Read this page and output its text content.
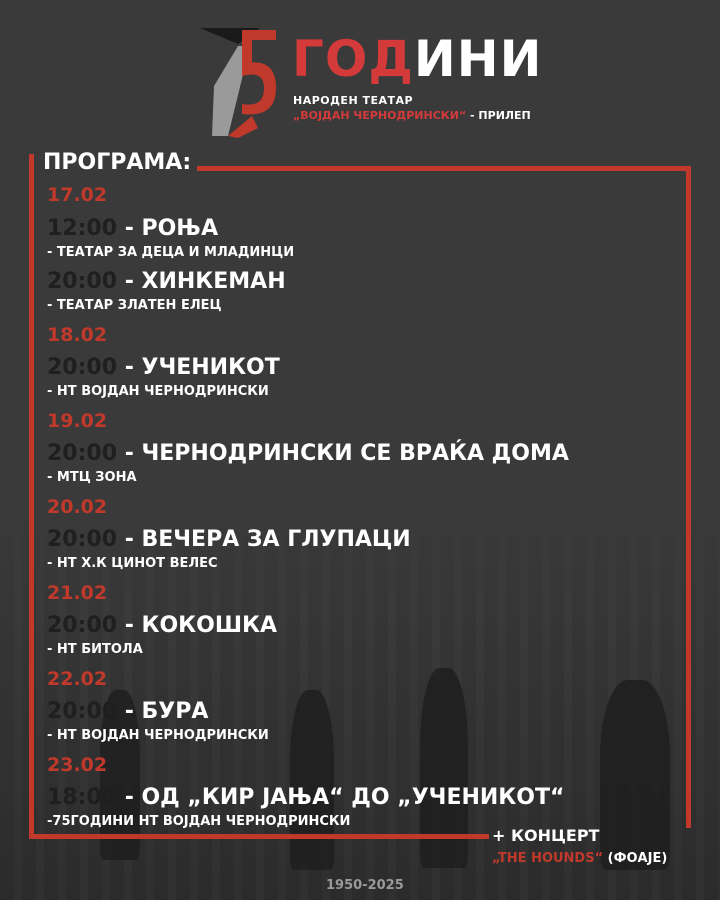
ГОДИНИ
НАРОДЕН ТЕАТАР
„ВОЈДАН ЧЕРНОДРИНСКИ“ - ПРИЛЕП
ПРОГРАМА:
17.02
12:00 - РОЊА
- ТЕАТАР ЗА ДЕЦА И МЛАДИНЦИ
20:00 - ХИНКЕМАН
- ТЕАТАР ЗЛАТЕН ЕЛЕЦ
18.02
20:00 - УЧЕНИКОТ
- НТ ВОЈДАН ЧЕРНОДРИНСКИ
19.02
20:00 - ЧЕРНОДРИНСКИ СЕ ВРАЌА ДОМА
- МТЦ ЗОНА
20.02
20:00 - ВЕЧЕРА ЗА ГЛУПАЦИ
- НТ Х.К ЦИНОТ ВЕЛЕС
21.02
20:00 - КОКОШКА
- НТ БИТОЛА
22.02
20:00 - БУРА
- НТ ВОЈДАН ЧЕРНОДРИНСКИ
23.02
18:00 - ОД „КИР ЈАЊА“ ДО „УЧЕНИКОТ“
-75ГОДИНИ НТ ВОЈДАН ЧЕРНОДРИНСКИ
+ КОНЦЕРТ
„THE HOUNDS“ (ФОАЈЕ)
1950-2025
